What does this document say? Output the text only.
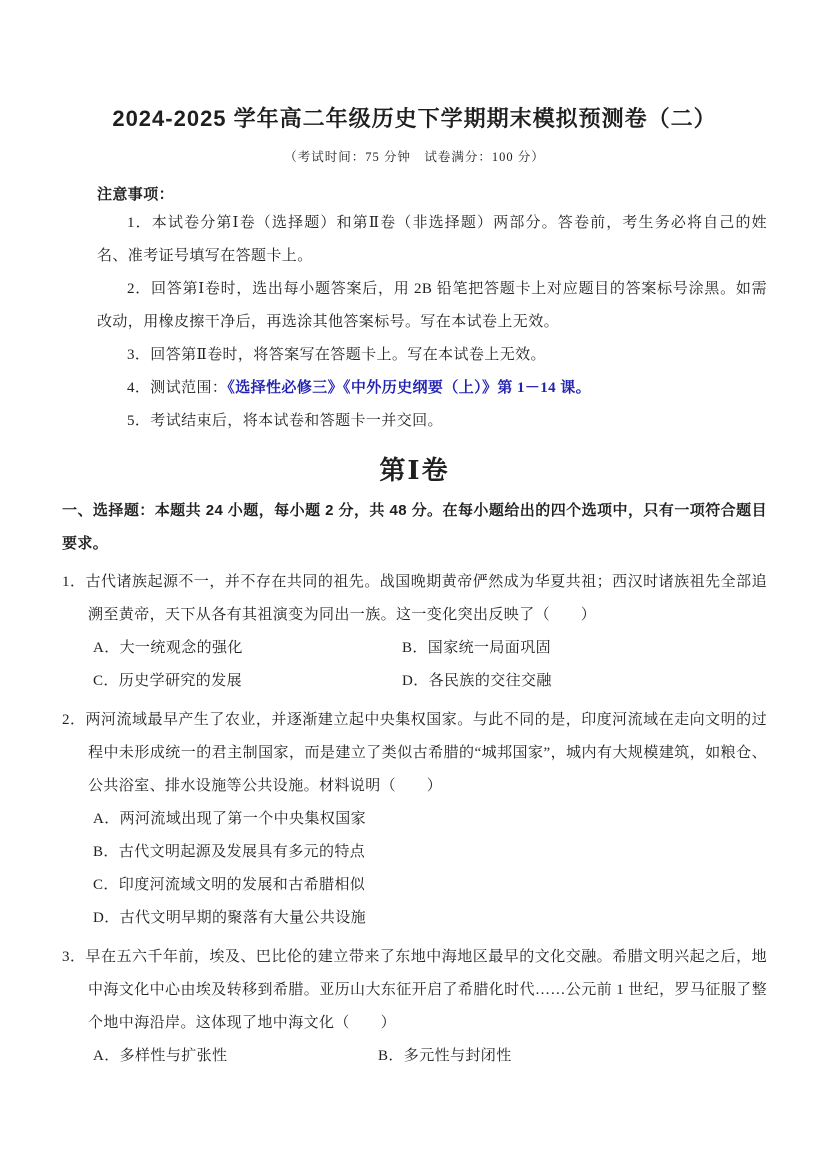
2024-2025 学年高二年级历史下学期期末模拟预测卷（二）
（考试时间：75 分钟　试卷满分：100 分）
注意事项：

1．本试卷分第Ⅰ卷（选择题）和第Ⅱ卷（非选择题）两部分。答卷前，考生务必将自己的姓名、准考证号填写在答题卡上。

2．回答第Ⅰ卷时，选出每小题答案后，用 2B 铅笔把答题卡上对应题目的答案标号涂黑。如需改动，用橡皮擦干净后，再选涂其他答案标号。写在本试卷上无效。

3．回答第Ⅱ卷时，将答案写在答题卡上。写在本试卷上无效。

4．测试范围：《选择性必修三》《中外历史纲要（上）》第 1－14 课。

5．考试结束后，将本试卷和答题卡一并交回。

第Ⅰ卷

一、选择题：本题共 24 小题，每小题 2 分，共 48 分。在每小题给出的四个选项中，只有一项符合题目要求。

1．古代诸族起源不一，并不存在共同的祖先。战国晚期黄帝俨然成为华夏共祖；西汉时诸族祖先全部追溯至黄帝，天下从各有其祖演变为同出一族。这一变化突出反映了（　　）

A．大一统观念的强化	B．国家统一局面巩固
C．历史学研究的发展	D．各民族的交往交融

2．两河流域最早产生了农业，并逐渐建立起中央集权国家。与此不同的是，印度河流域在走向文明的过程中未形成统一的君主制国家，而是建立了类似古希腊的“城邦国家”，城内有大规模建筑，如粮仓、公共浴室、排水设施等公共设施。材料说明（　　）

A．两河流域出现了第一个中央集权国家
B．古代文明起源及发展具有多元的特点
C．印度河流域文明的发展和古希腊相似
D．古代文明早期的聚落有大量公共设施

3．早在五六千年前，埃及、巴比伦的建立带来了东地中海地区最早的文化交融。希腊文明兴起之后，地中海文化中心由埃及转移到希腊。亚历山大东征开启了希腊化时代……公元前 1 世纪，罗马征服了整个地中海沿岸。这体现了地中海文化（　　）

A．多样性与扩张性	B．多元性与封闭性
